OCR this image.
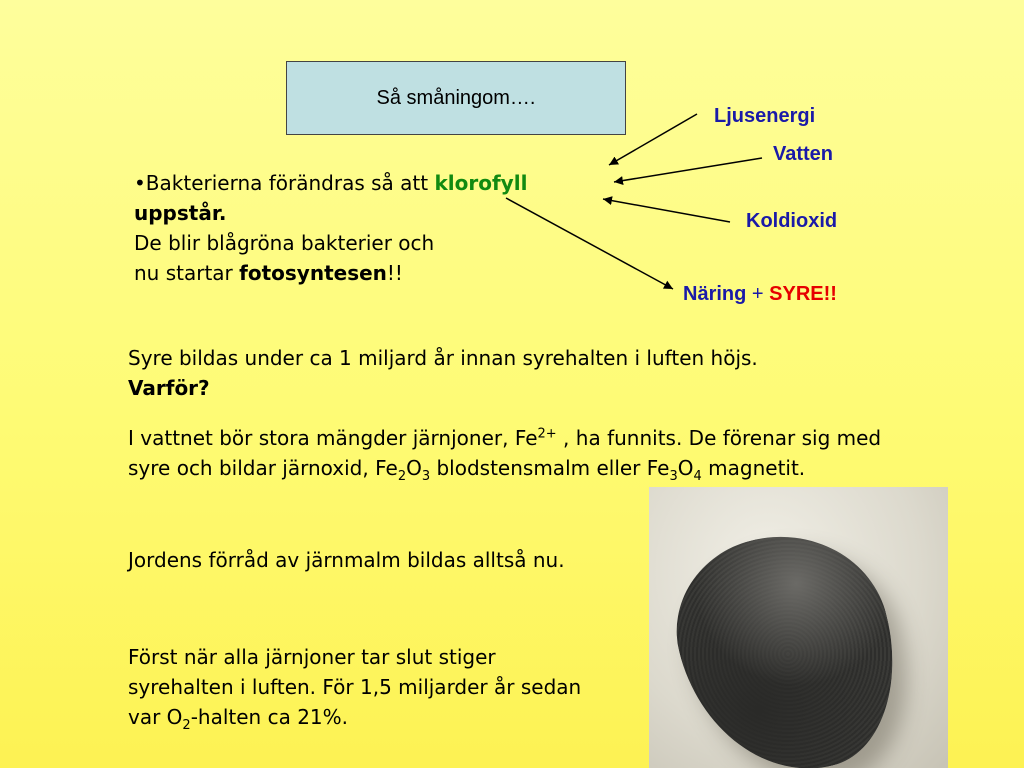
Så småningom….

•Bakterierna förändras så att klorofyll
uppstår.
De blir blågröna bakterier och
nu startar fotosyntesen!!

Ljusenergi
Vatten
Koldioxid
Näring + SYRE!!

Syre bildas under ca 1 miljard år innan syrehalten i luften höjs.
Varför?

I vattnet bör stora mängder järnjoner, $Fe^{2+}$ , ha funnits. De förenar sig med syre och bildar järnoxid, $Fe_2O_3$ blodstensmalm eller $Fe_3O_4$ magnetit.

Jordens förråd av järnmalm bildas alltså nu.

Först när alla järnjoner tar slut stiger syrehalten i luften. För 1,5 miljarder år sedan var $O_2$-halten ca 21%.
